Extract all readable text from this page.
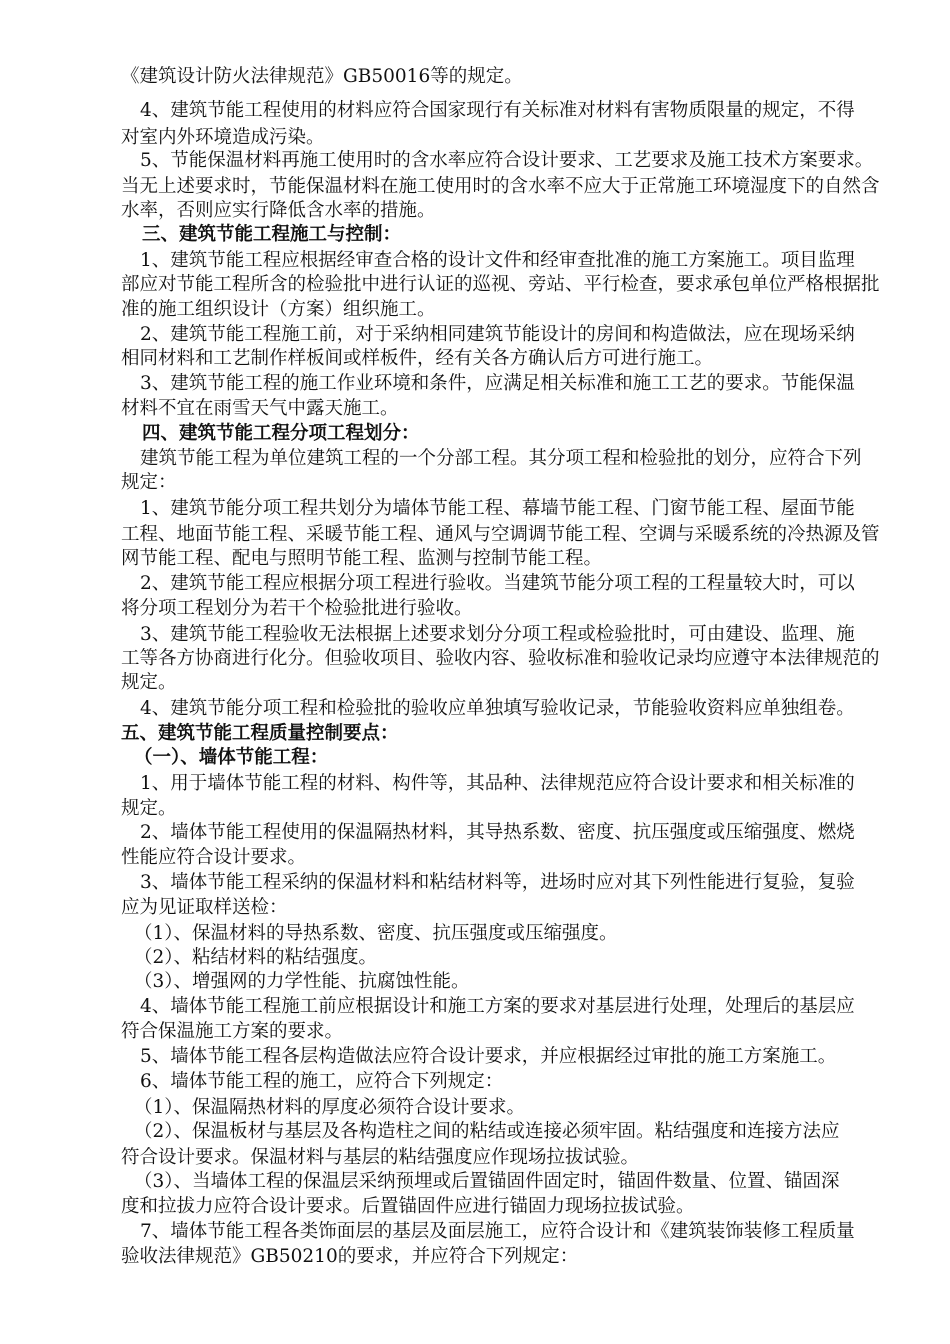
《建筑设计防火法律规范》GB50016等的规定。
4、建筑节能工程使用的材料应符合国家现行有关标准对材料有害物质限量的规定，不得
对室内外环境造成污染。
5、节能保温材料再施工使用时的含水率应符合设计要求、工艺要求及施工技术方案要求。
当无上述要求时，节能保温材料在施工使用时的含水率不应大于正常施工环境湿度下的自然含
水率，否则应实行降低含水率的措施。
三、建筑节能工程施工与控制：
1、建筑节能工程应根据经审查合格的设计文件和经审查批准的施工方案施工。项目监理
部应对节能工程所含的检验批中进行认证的巡视、旁站、平行检查，要求承包单位严格根据批
准的施工组织设计（方案）组织施工。
2、建筑节能工程施工前，对于采纳相同建筑节能设计的房间和构造做法，应在现场采纳
相同材料和工艺制作样板间或样板件，经有关各方确认后方可进行施工。
3、建筑节能工程的施工作业环境和条件，应满足相关标准和施工工艺的要求。节能保温
材料不宜在雨雪天气中露天施工。
四、建筑节能工程分项工程划分：
建筑节能工程为单位建筑工程的一个分部工程。其分项工程和检验批的划分，应符合下列
规定：
1、建筑节能分项工程共划分为墙体节能工程、幕墙节能工程、门窗节能工程、屋面节能
工程、地面节能工程、采暖节能工程、通风与空调调节能工程、空调与采暖系统的冷热源及管
网节能工程、配电与照明节能工程、监测与控制节能工程。
2、建筑节能工程应根据分项工程进行验收。当建筑节能分项工程的工程量较大时，可以
将分项工程划分为若干个检验批进行验收。
3、建筑节能工程验收无法根据上述要求划分分项工程或检验批时，可由建设、监理、施
工等各方协商进行化分。但验收项目、验收内容、验收标准和验收记录均应遵守本法律规范的
规定。
4、建筑节能分项工程和检验批的验收应单独填写验收记录，节能验收资料应单独组卷。
五、建筑节能工程质量控制要点：
（一）、墙体节能工程：
1、用于墙体节能工程的材料、构件等，其品种、法律规范应符合设计要求和相关标准的
规定。
2、墙体节能工程使用的保温隔热材料，其导热系数、密度、抗压强度或压缩强度、燃烧
性能应符合设计要求。
3、墙体节能工程采纳的保温材料和粘结材料等，进场时应对其下列性能进行复验，复验
应为见证取样送检：
（1）、保温材料的导热系数、密度、抗压强度或压缩强度。
（2）、粘结材料的粘结强度。
（3）、增强网的力学性能、抗腐蚀性能。
4、墙体节能工程施工前应根据设计和施工方案的要求对基层进行处理，处理后的基层应
符合保温施工方案的要求。
5、墙体节能工程各层构造做法应符合设计要求，并应根据经过审批的施工方案施工。
6、墙体节能工程的施工，应符合下列规定：
（1）、保温隔热材料的厚度必须符合设计要求。
（2）、保温板材与基层及各构造柱之间的粘结或连接必须牢固。粘结强度和连接方法应
符合设计要求。保温材料与基层的粘结强度应作现场拉拔试验。
（3）、当墙体工程的保温层采纳预埋或后置锚固件固定时，锚固件数量、位置、锚固深
度和拉拔力应符合设计要求。后置锚固件应进行锚固力现场拉拔试验。
7、墙体节能工程各类饰面层的基层及面层施工，应符合设计和《建筑装饰装修工程质量
验收法律规范》GB50210的要求，并应符合下列规定：
